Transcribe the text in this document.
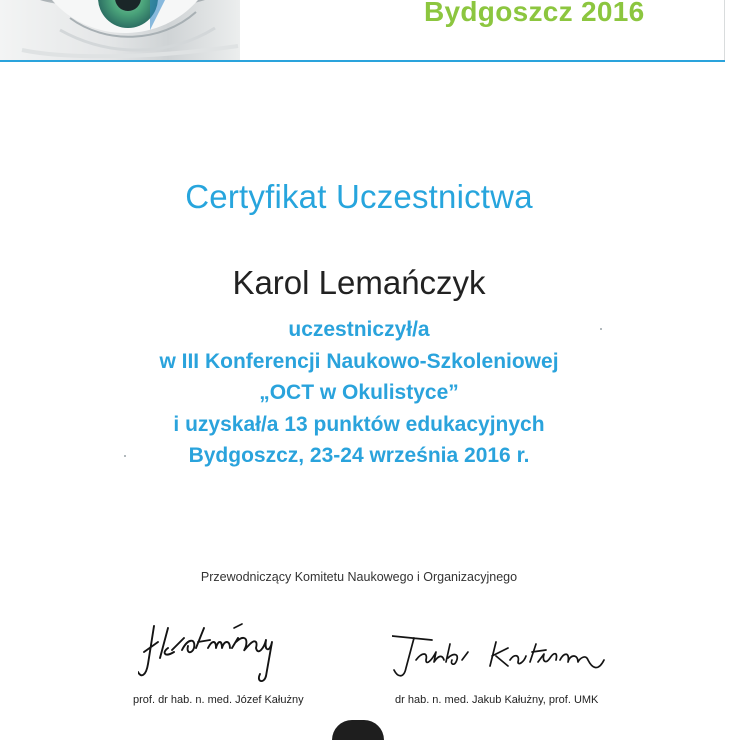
Bydgoszcz 2016
Certyfikat Uczestnictwa
Karol Lemańczyk
uczestniczył/a
w III Konferencji Naukowo-Szkoleniowej
„OCT w Okulistyce”
i uzyskał/a 13 punktów edukacyjnych
Bydgoszcz, 23-24 września 2016 r.
Przewodniczący Komitetu Naukowego i Organizacyjnego
prof. dr hab. n. med. Józef Kałużny	dr hab. n. med. Jakub Kałużny, prof. UMK
